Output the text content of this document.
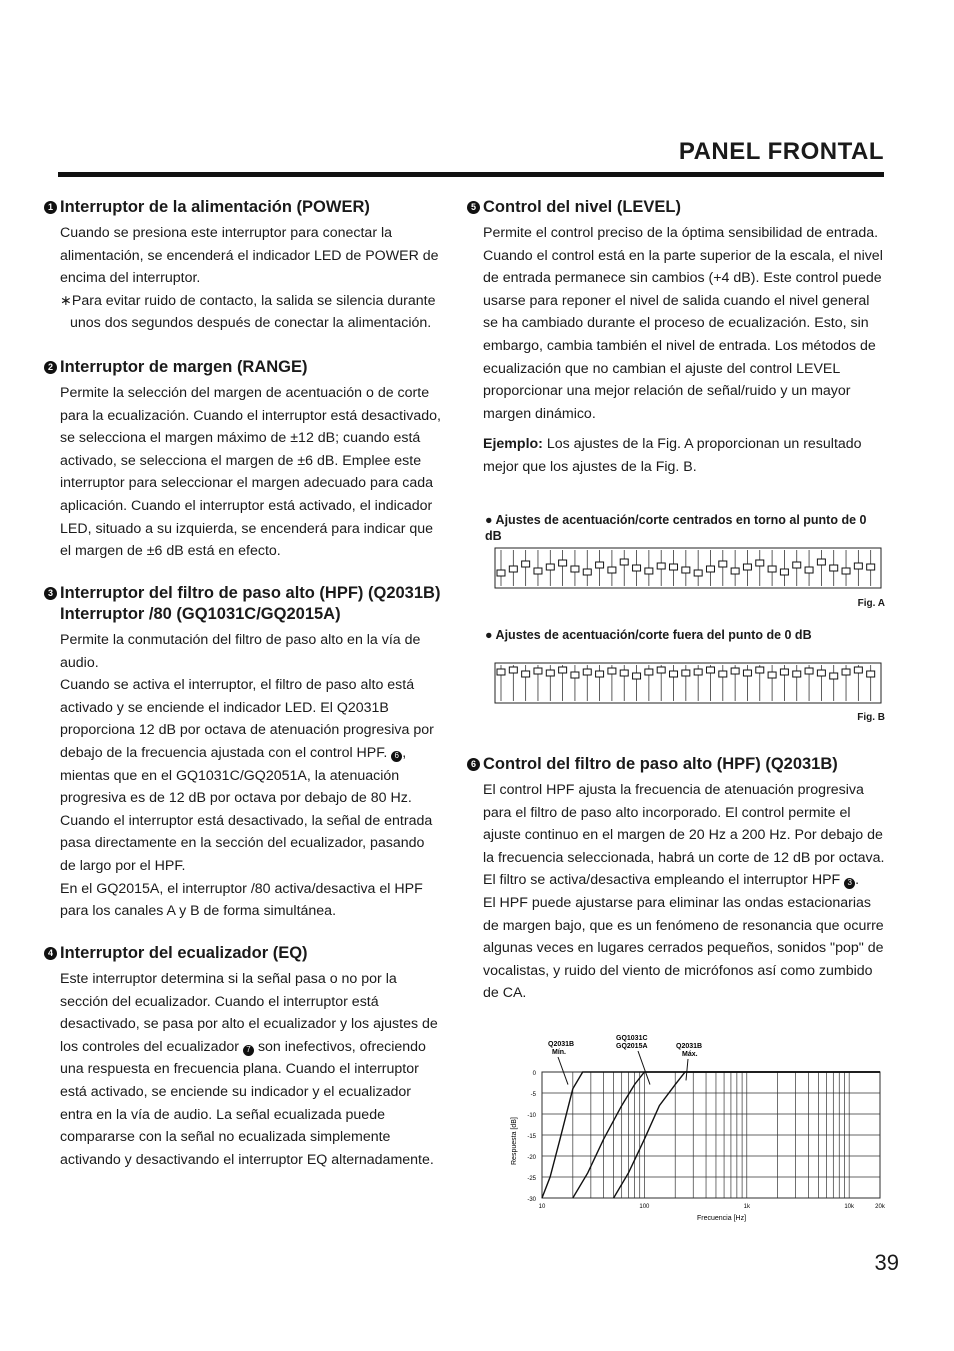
PANEL FRONTAL
1 Interruptor de la alimentación (POWER)

Cuando se presiona este interruptor para conectar la alimentación, se encenderá el indicador LED de POWER de encima del interruptor.

∗Para evitar ruido de contacto, la salida se silencia durante unos dos segundos después de conectar la alimentación.

2 Interruptor de margen (RANGE)

Permite la selección del margen de acentuación o de corte para la ecualización. Cuando el interruptor está desactivado, se selecciona el margen máximo de ±12 dB; cuando está activado, se selecciona el margen de ±6 dB. Emplee este interruptor para seleccionar el margen adecuado para cada aplicación. Cuando el interruptor está activado, el indicador LED, situado a su izquierda, se encenderá para indicar que el margen de ±6 dB está en efecto.

3 Interruptor del filtro de paso alto (HPF) (Q2031B)
Interruptor /80 (GQ1031C/GQ2015A)

Permite la conmutación del filtro de paso alto en la vía de audio.

Cuando se activa el interruptor, el filtro de paso alto está activado y se enciende el indicador LED. El Q2031B proporciona 12 dB por octava de atenuación progresiva por debajo de la frecuencia ajustada con el control HPF. 6 , mientas que en el GQ1031C/GQ2051A, la atenuación progresiva es de 12 dB por octava por debajo de 80 Hz.

Cuando el interruptor está desactivado, la señal de entrada pasa directamente en la sección del ecualizador, pasando de largo por el HPF.

En el GQ2015A, el interruptor /80 activa/desactiva el HPF para los canales A y B de forma simultánea.

4 Interruptor del ecualizador (EQ)

Este interruptor determina si la señal pasa o no por la sección del ecualizador. Cuando el interruptor está desactivado, se pasa por alto el ecualizador y los ajustes de los controles del ecualizador 7 son inefectivos, ofreciendo una respuesta en frecuencia plana. Cuando el interruptor está activado, se enciende su indicador y el ecualizador entra en la vía de audio. La señal ecualizada puede compararse con la señal no ecualizada simplemente activando y desactivando el interruptor EQ alternadamente.

5 Control del nivel (LEVEL)

Permite el control preciso de la óptima sensibilidad de entrada. Cuando el control está en la parte superior de la escala, el nivel de entrada permanece sin cambios (+4 dB). Este control puede usarse para reponer el nivel de salida cuando el nivel general se ha cambiado durante el proceso de ecualización. Esto, sin embargo, cambia también el nivel de entrada. Los métodos de ecualización que no cambian el ajuste del control LEVEL proporcionar una mejor relación de señal/ruido y un mayor margen dinámico.

Ejemplo: Los ajustes de la Fig. A proporcionan un resultado mejor que los ajustes de la Fig. B.

● Ajustes de acentuación/corte centrados en torno al punto de 0 dB
Fig. A
● Ajustes de acentuación/corte fuera del punto de 0 dB
Fig. B
6 Control del filtro de paso alto (HPF) (Q2031B)

El control HPF ajusta la frecuencia de atenuación progresiva para el filtro de paso alto incorporado. El control permite el ajuste continuo en el margen de 20 Hz a 200 Hz. Por debajo de la frecuencia seleccionada, habrá un corte de 12 dB por octava. El filtro se activa/desactiva empleando el interruptor HPF 3 .

El HPF puede ajustarse para eliminar las ondas estacionarias de margen bajo, que es un fenómeno de resonancia que ocurre algunas veces en lugares cerrados pequeños, sonidos "pop" de vocalistas, y ruido del viento de micrófonos así como zumbido de CA.

Q2031B
Mín.
GQ1031C
GQ2015A	Q2031B
Máx.
Respuesta [dB]
Frecuencia [Hz]
0
-5
-10
-15
-20
-25
-30
10	100	1k	10k	20k
39
